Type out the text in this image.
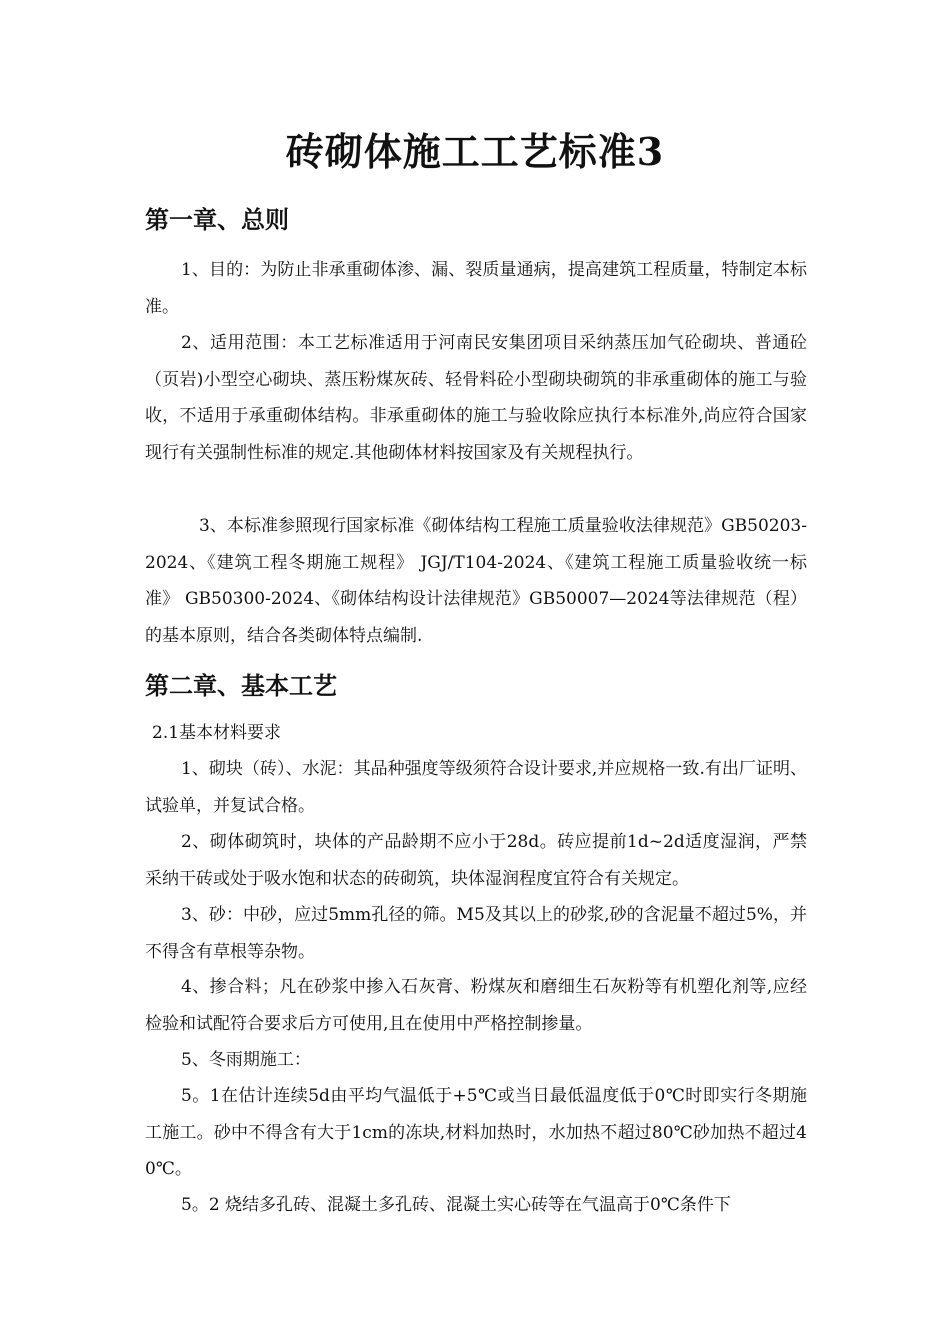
砖砌体施工工艺标准3
第一章、总则
1、目的：为防止非承重砌体渗、漏、裂质量通病，提高建筑工程质量，特制定本标准。
2、适用范围：本工艺标准适用于河南民安集团项目采纳蒸压加气砼砌块、普通砼（页岩)小型空心砌块、蒸压粉煤灰砖、轻骨料砼小型砌块砌筑的非承重砌体的施工与验收，不适用于承重砌体结构。非承重砌体的施工与验收除应执行本标准外,尚应符合国家现行有关强制性标准的规定.其他砌体材料按国家及有关规程执行。
3、本标准参照现行国家标准《砌体结构工程施工质量验收法律规范》GB50203-2024、《建筑工程冬期施工规程》 JGJ/T104-2024、《建筑工程施工质量验收统一标准》 GB50300-2024、《砌体结构设计法律规范》GB50007—2024等法律规范（程）的基本原则，结合各类砌体特点编制.
第二章、基本工艺
2.1基本材料要求
1、砌块（砖）、水泥：其品种强度等级须符合设计要求,并应规格一致.有出厂证明、试验单，并复试合格。
2、砌体砌筑时，块体的产品龄期不应小于28d。砖应提前1d~2d适度湿润，严禁采纳干砖或处于吸水饱和状态的砖砌筑，块体湿润程度宜符合有关规定。
3、砂：中砂，应过5mm孔径的筛。M5及其以上的砂浆,砂的含泥量不超过5%，并不得含有草根等杂物。
4、掺合料；凡在砂浆中掺入石灰膏、粉煤灰和磨细生石灰粉等有机塑化剂等,应经检验和试配符合要求后方可使用,且在使用中严格控制掺量。
5、冬雨期施工：
5。1在估计连续5d由平均气温低于+5℃或当日最低温度低于0℃时即实行冬期施工施工。砂中不得含有大于1cm的冻块,材料加热时，水加热不超过80℃砂加热不超过40℃。
5。2 烧结多孔砖、混凝土多孔砖、混凝土实心砖等在气温高于0℃条件下
